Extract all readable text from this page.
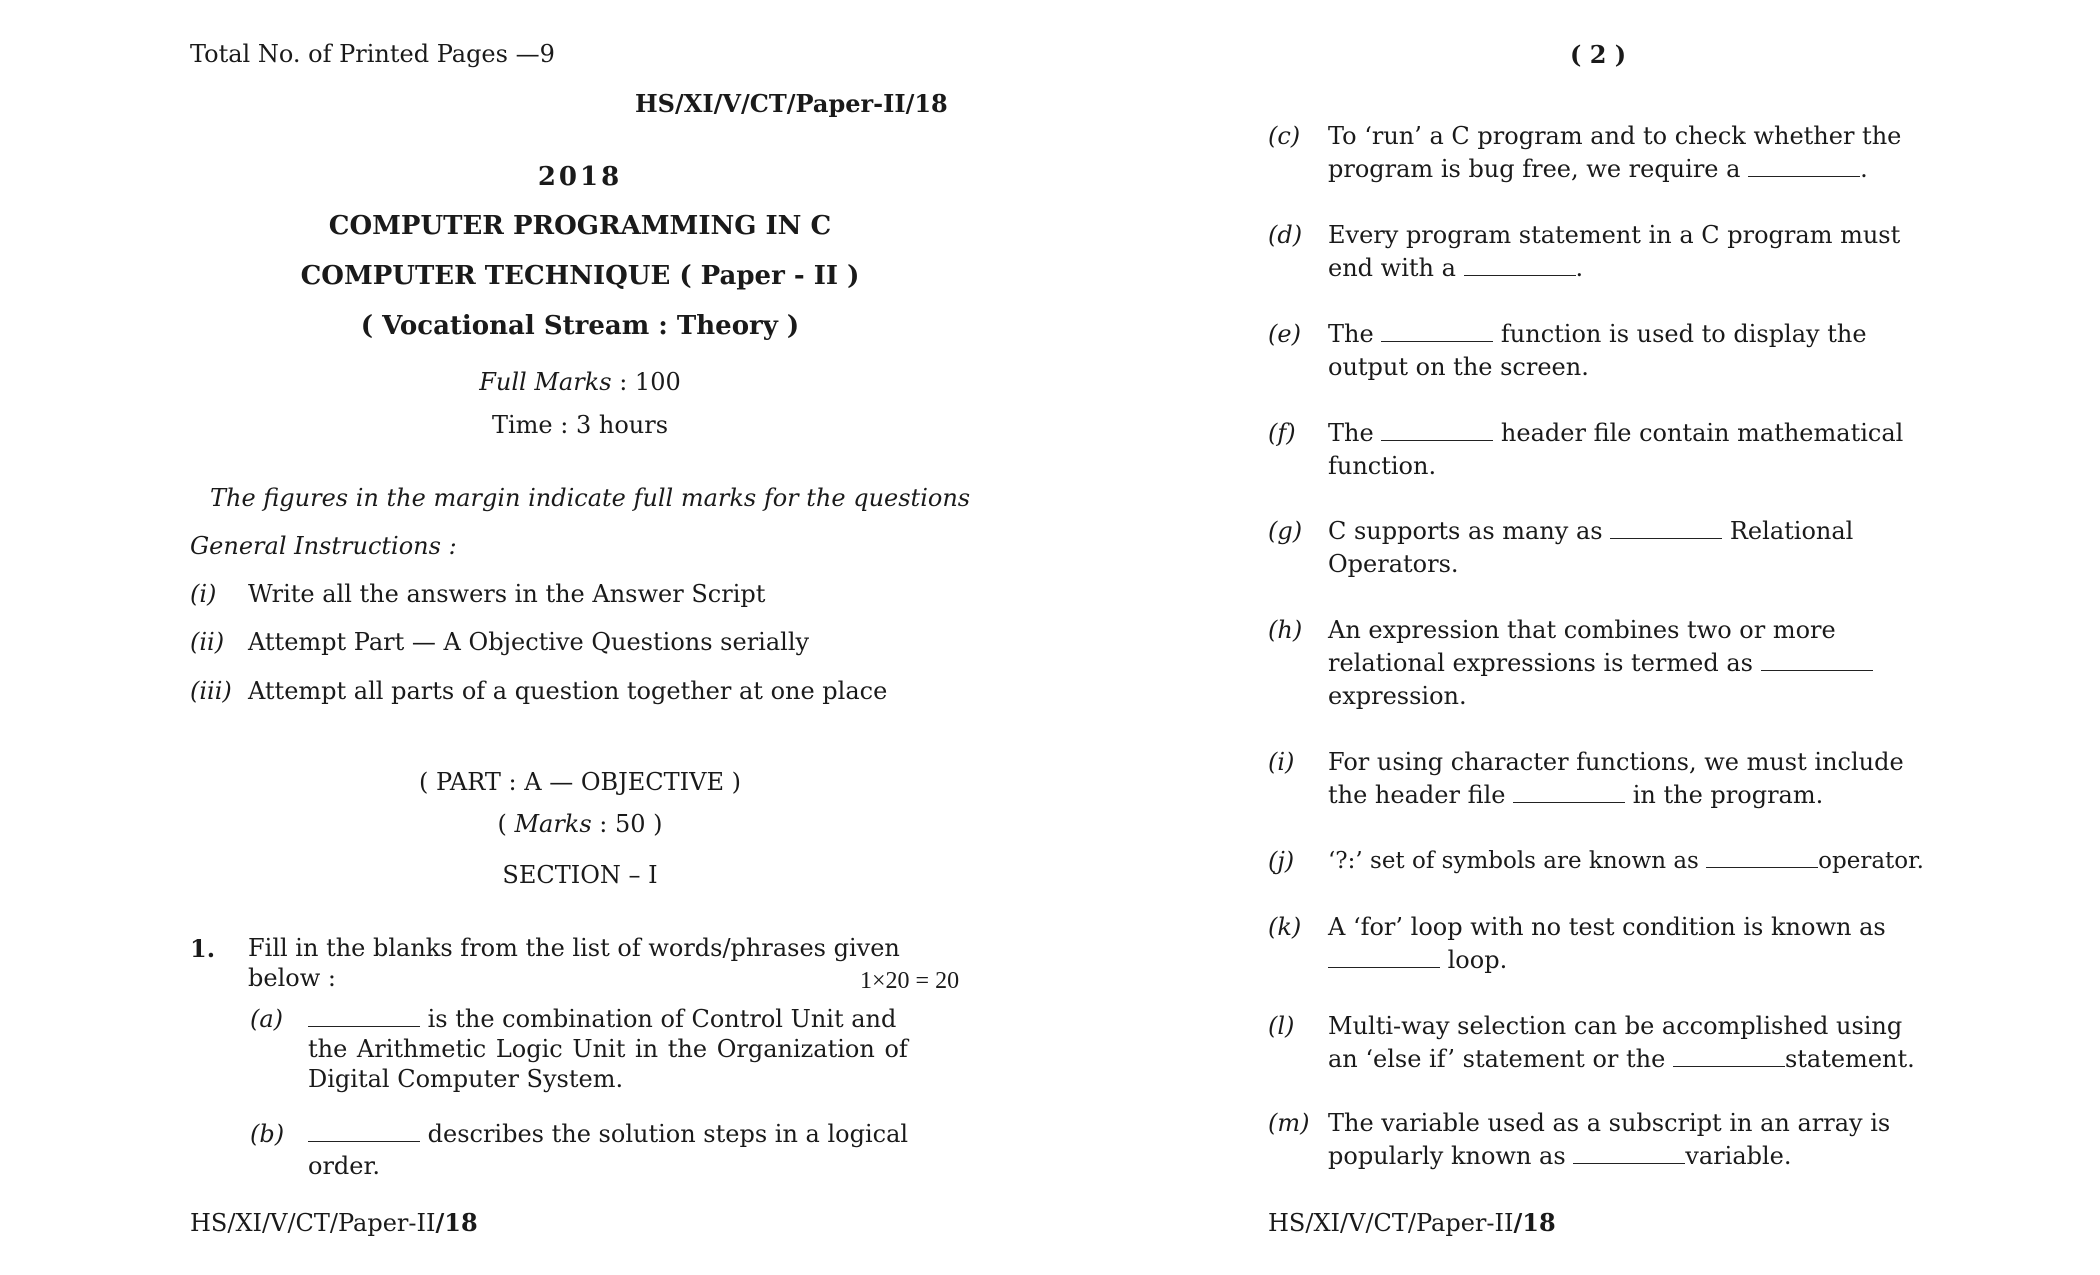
Total No. of Printed Pages —9
HS/XI/V/CT/Paper-II/18
2018
COMPUTER PROGRAMMING IN C
COMPUTER TECHNIQUE ( Paper - II )
( Vocational Stream : Theory )
Full Marks : 100
Time : 3 hours
The figures in the margin indicate full marks for the questions
General Instructions :
(i) Write all the answers in the Answer Script
(ii) Attempt Part — A Objective Questions serially
(iii) Attempt all parts of a question together at one place
( PART : A — OBJECTIVE )
( Marks : 50 )
SECTION – I
1. Fill in the blanks from the list of words/phrases given
below :	1×20 = 20
(a)	is the combination of Control Unit and
the Arithmetic Logic Unit in the Organization of
Digital Computer System.
(b)	describes the solution steps in a logical
order.
HS/XI/V/CT/Paper-II/18
( 2 )
(c) To ‘run’ a C program and to check whether the
program is bug free, we require a	.
(d) Every program statement in a C program must
end with a	.
(e) The	function is used to display the
output on the screen.
(f) The	header file contain mathematical
function.
(g) C supports as many as	Relational
Operators.
(h) An expression that combines two or more
relational expressions is termed as
expression.
(i) For using character functions, we must include
the header file	in the program.
(j) ‘?:’ set of symbols are known as	operator.
(k) A ‘for’ loop with no test condition is known as
loop.
(l) Multi-way selection can be accomplished using
an ‘else if’ statement or the	statement.
(m) The variable used as a subscript in an array is
popularly known as	variable.
HS/XI/V/CT/Paper-II/18
